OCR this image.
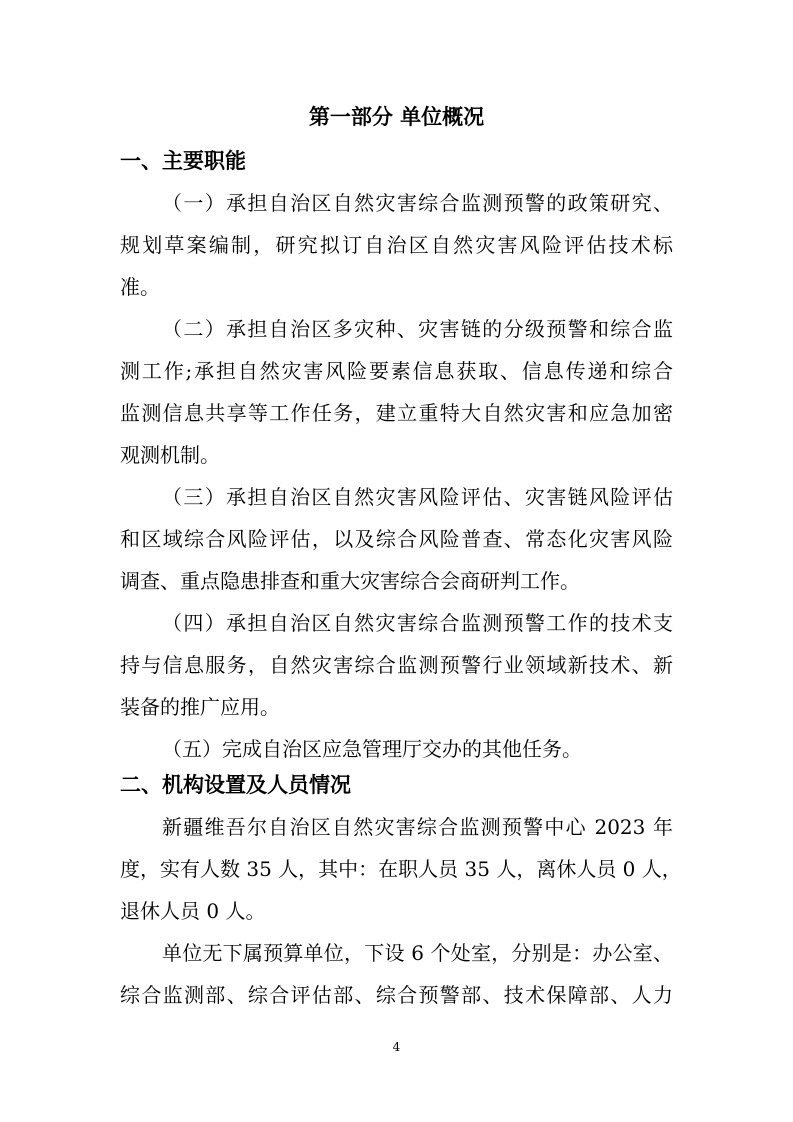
第一部分 单位概况
一、主要职能
（一）承担自治区自然灾害综合监测预警的政策研究、
规划草案编制，研究拟订自治区自然灾害风险评估技术标
准。
（二）承担自治区多灾种、灾害链的分级预警和综合监
测工作;承担自然灾害风险要素信息获取、信息传递和综合
监测信息共享等工作任务，建立重特大自然灾害和应急加密
观测机制。
（三）承担自治区自然灾害风险评估、灾害链风险评估
和区域综合风险评估，以及综合风险普查、常态化灾害风险
调查、重点隐患排查和重大灾害综合会商研判工作。
（四）承担自治区自然灾害综合监测预警工作的技术支
持与信息服务，自然灾害综合监测预警行业领域新技术、新
装备的推广应用。
（五）完成自治区应急管理厅交办的其他任务。
二、机构设置及人员情况
新疆维吾尔自治区自然灾害综合监测预警中心 2023 年
度，实有人数 35 人，其中：在职人员 35 人，离休人员 0 人，
退休人员 0 人。
单位无下属预算单位，下设 6 个处室，分别是：办公室、
综合监测部、综合评估部、综合预警部、技术保障部、人力
4
